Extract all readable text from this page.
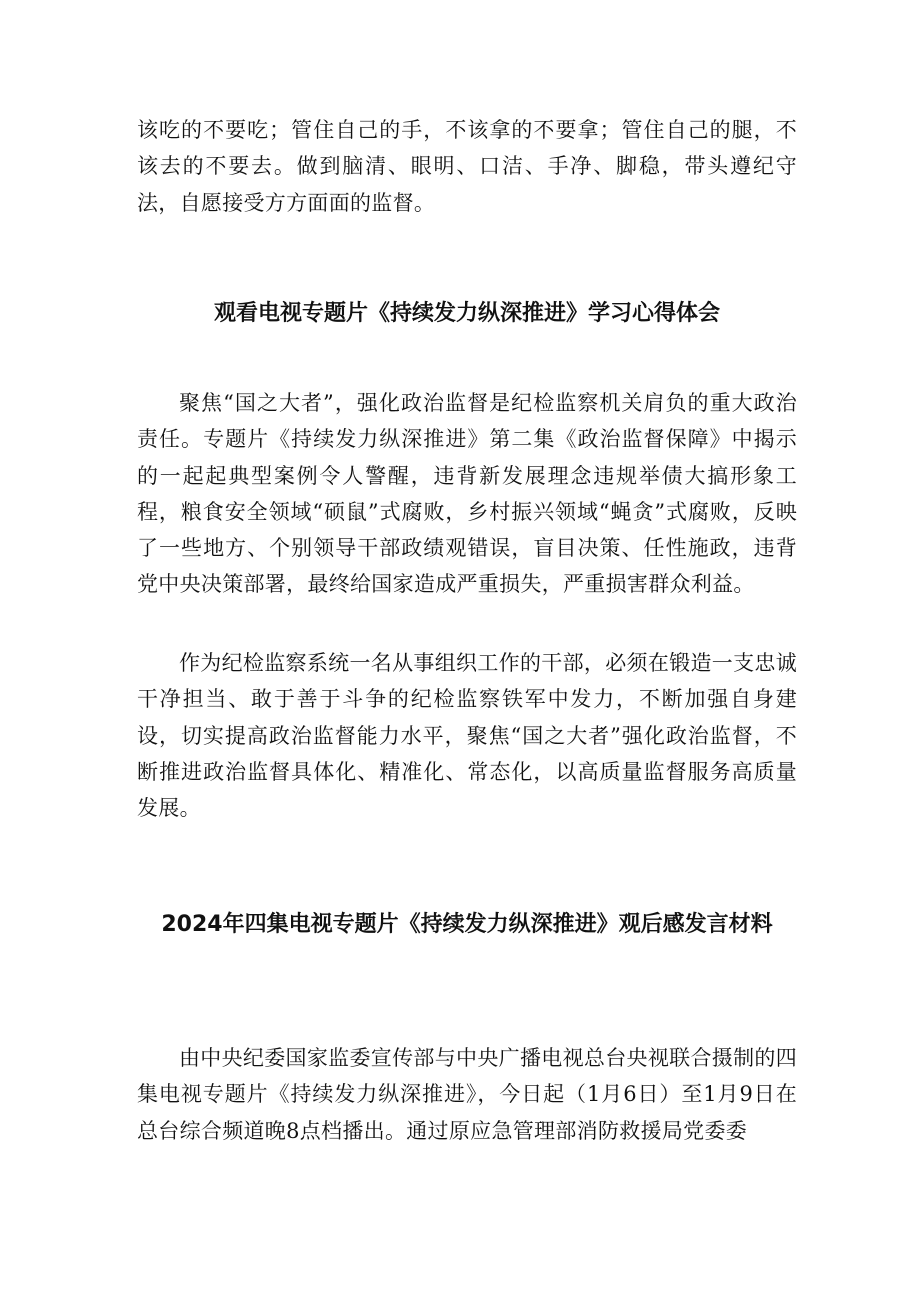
该吃的不要吃；管住自己的手，不该拿的不要拿；管住自己的腿，不该去的不要去。做到脑清、眼明、口洁、手净、脚稳，带头遵纪守法，自愿接受方方面面的监督。

观看电视专题片《持续发力纵深推进》学习心得体会

聚焦“国之大者”，强化政治监督是纪检监察机关肩负的重大政治责任。专题片《持续发力纵深推进》第二集《政治监督保障》中揭示的一起起典型案例令人警醒，违背新发展理念违规举债大搞形象工程，粮食安全领域“硕鼠”式腐败，乡村振兴领域“蝇贪”式腐败，反映了一些地方、个别领导干部政绩观错误，盲目决策、任性施政，违背党中央决策部署，最终给国家造成严重损失，严重损害群众利益。

作为纪检监察系统一名从事组织工作的干部，必须在锻造一支忠诚干净担当、敢于善于斗争的纪检监察铁军中发力，不断加强自身建设，切实提高政治监督能力水平，聚焦“国之大者”强化政治监督，不断推进政治监督具体化、精准化、常态化，以高质量监督服务高质量发展。

2024年四集电视专题片《持续发力纵深推进》观后感发言材料

由中央纪委国家监委宣传部与中央广播电视总台央视联合摄制的四集电视专题片《持续发力纵深推进》，今日起（1月6日）至1月9日在总台综合频道晚8点档播出。通过原应急管理部消防救援局党委委
